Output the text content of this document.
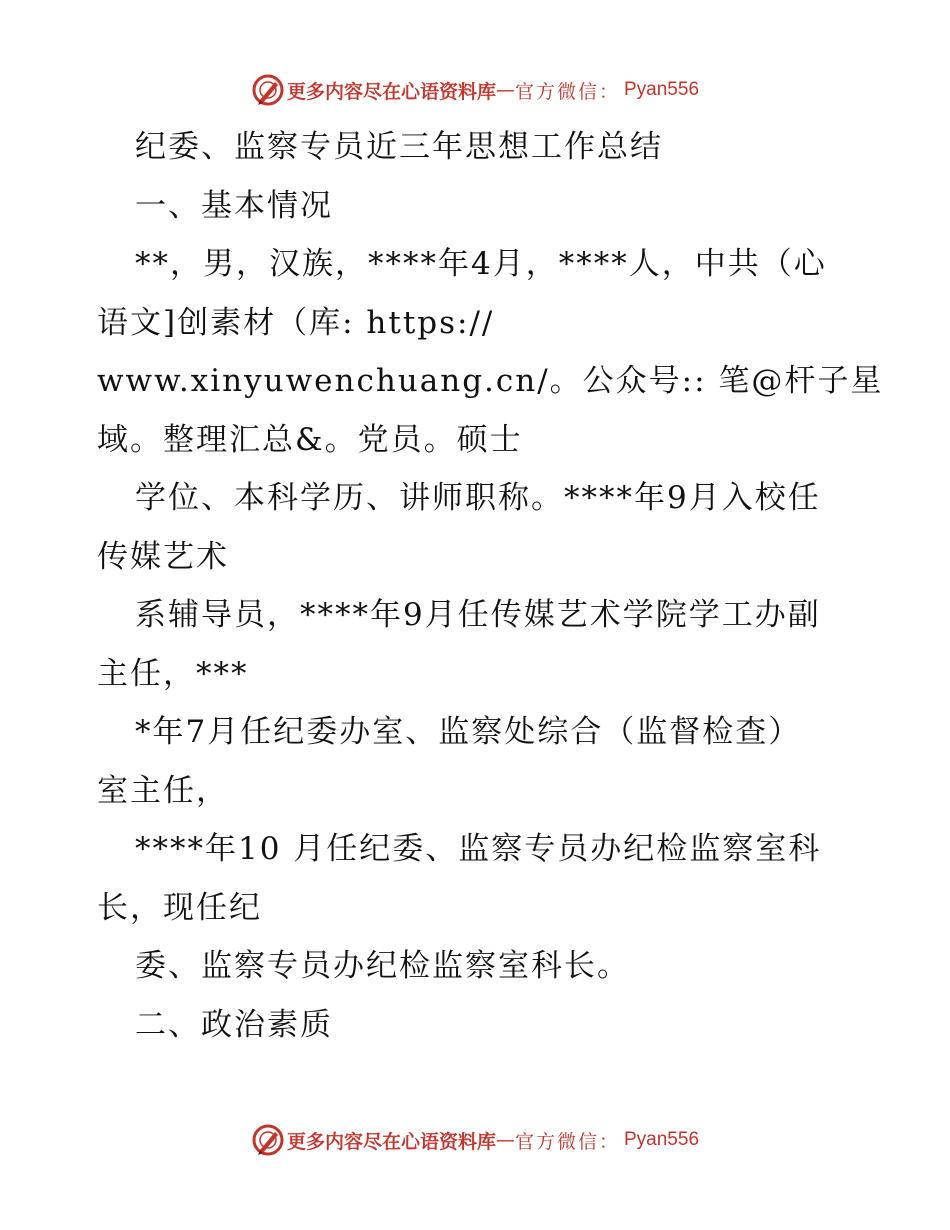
更多内容尽在心语资料库 — 官方微信： Pyan556
纪委、监察专员近三年思想工作总结
一、基本情况
**，男，汉族，****年4月，****人，中共（心
语文]创素材（库: https://
www.xinyuwenchuang.cn/。公众号:: 笔@杆子星
域。整理汇总&。党员。硕士
学位、本科学历、讲师职称。****年9月入校任
传媒艺术
系辅导员，****年9月任传媒艺术学院学工办副
主任，***
*年7月任纪委办室、监察处综合（监督检查）
室主任，
****年10 月任纪委、监察专员办纪检监察室科
长，现任纪
委、监察专员办纪检监察室科长。
二、政治素质
更多内容尽在心语资料库 — 官方微信： Pyan556
